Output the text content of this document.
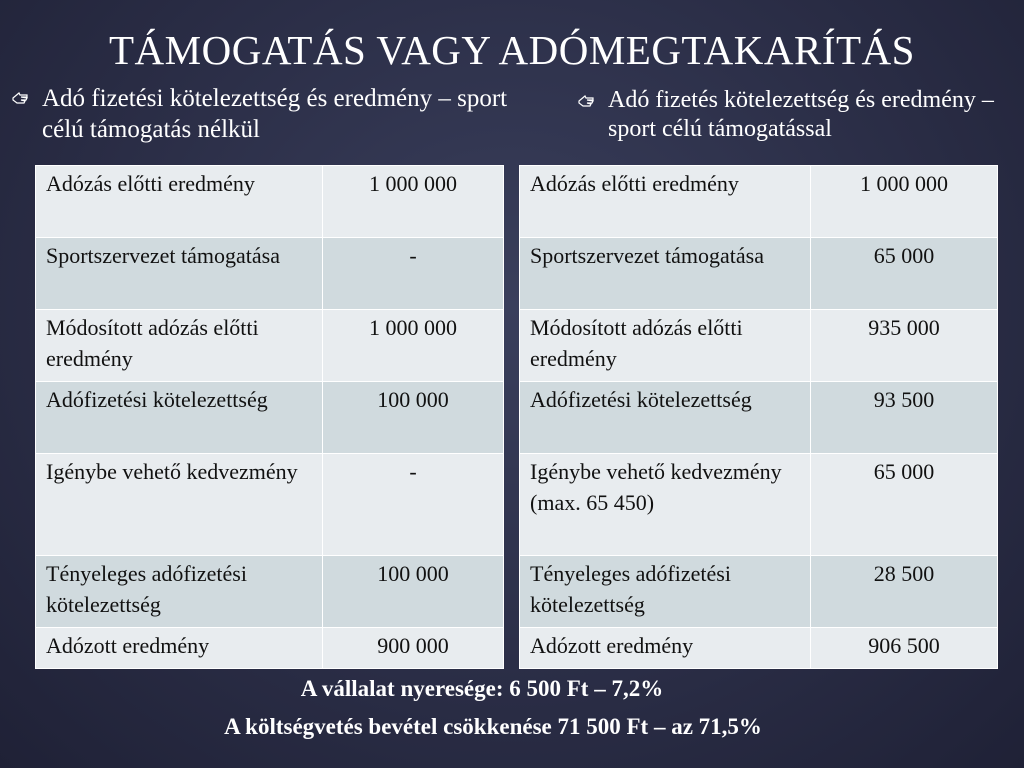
TÁMOGATÁS VAGY ADÓMEGTAKARÍTÁS
Adó fizetési kötelezettség és eredmény – sport célú támogatás nélkül
Adó fizetés kötelezettség és eredmény – sport célú támogatással
Adózás előtti eredmény	1 000 000
Sportszervezet támogatása	-
Módosított adózás előtti eredmény	1 000 000
Adófizetési kötelezettség	100 000
Igénybe vehető kedvezmény	-
Tényeleges adófizetési kötelezettség	100 000
Adózott eredmény	900 000
Adózás előtti eredmény	1 000 000
Sportszervezet támogatása	65 000
Módosított adózás előtti eredmény	935 000
Adófizetési kötelezettség	93 500
Igénybe vehető kedvezmény (max. 65 450)	65 000
Tényeleges adófizetési kötelezettség	28 500
Adózott eredmény	906 500
A vállalat nyeresége: 6 500 Ft – 7,2%
A költségvetés bevétel csökkenése 71 500 Ft – az 71,5%
